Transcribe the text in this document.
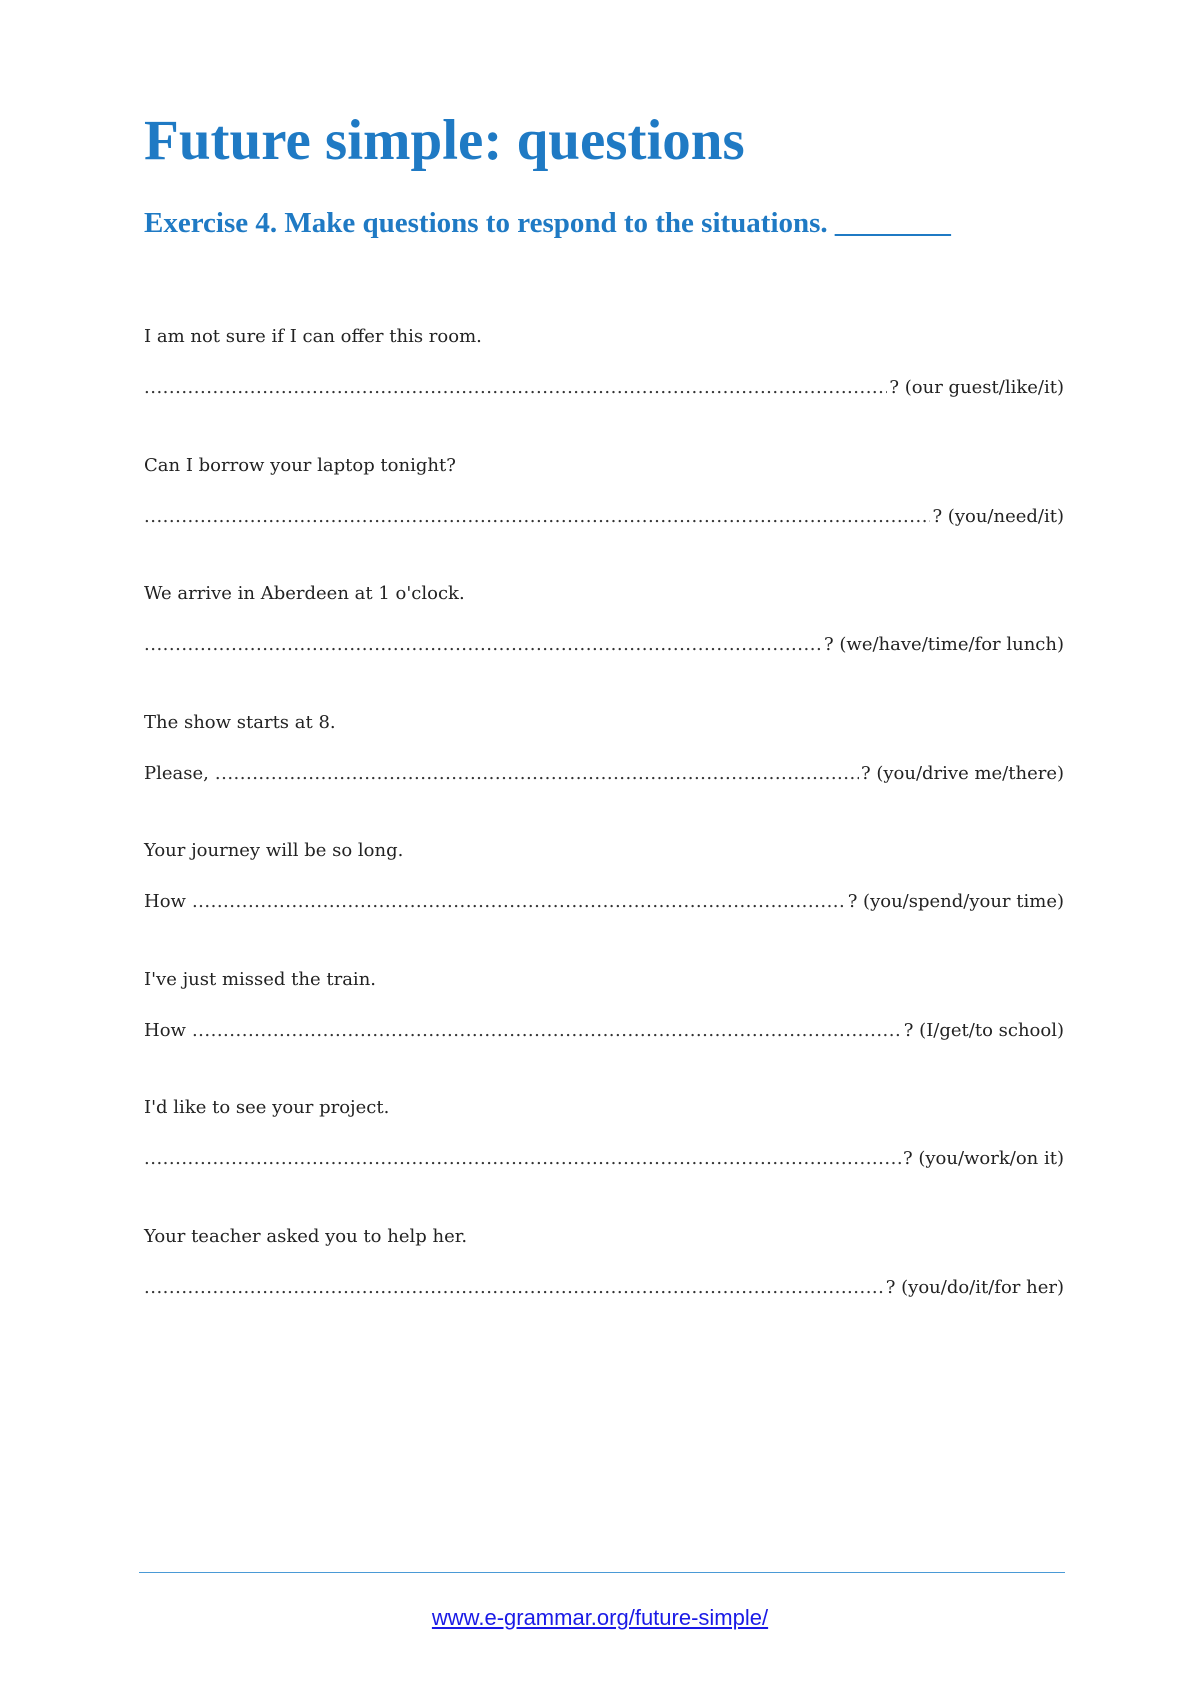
Future simple: questions
Exercise 4. Make questions to respond to the situations. ________
I am not sure if I can offer this room.
.....
? (our guest/like/it)
Can I borrow your laptop tonight?
.....
? (you/need/it)
We arrive in Aberdeen at 1 o'clock.
.....
? (we/have/time/for lunch)
The show starts at 8.
Please, .....	? (you/drive me/there)
Your journey will be so long.
How .....	? (you/spend/your time)
I've just missed the train.
How .....	? (I/get/to school)
I'd like to see your project.
.....
? (you/work/on it)
Your teacher asked you to help her.
.....
? (you/do/it/for her)
www.e-grammar.org/future-simple/
